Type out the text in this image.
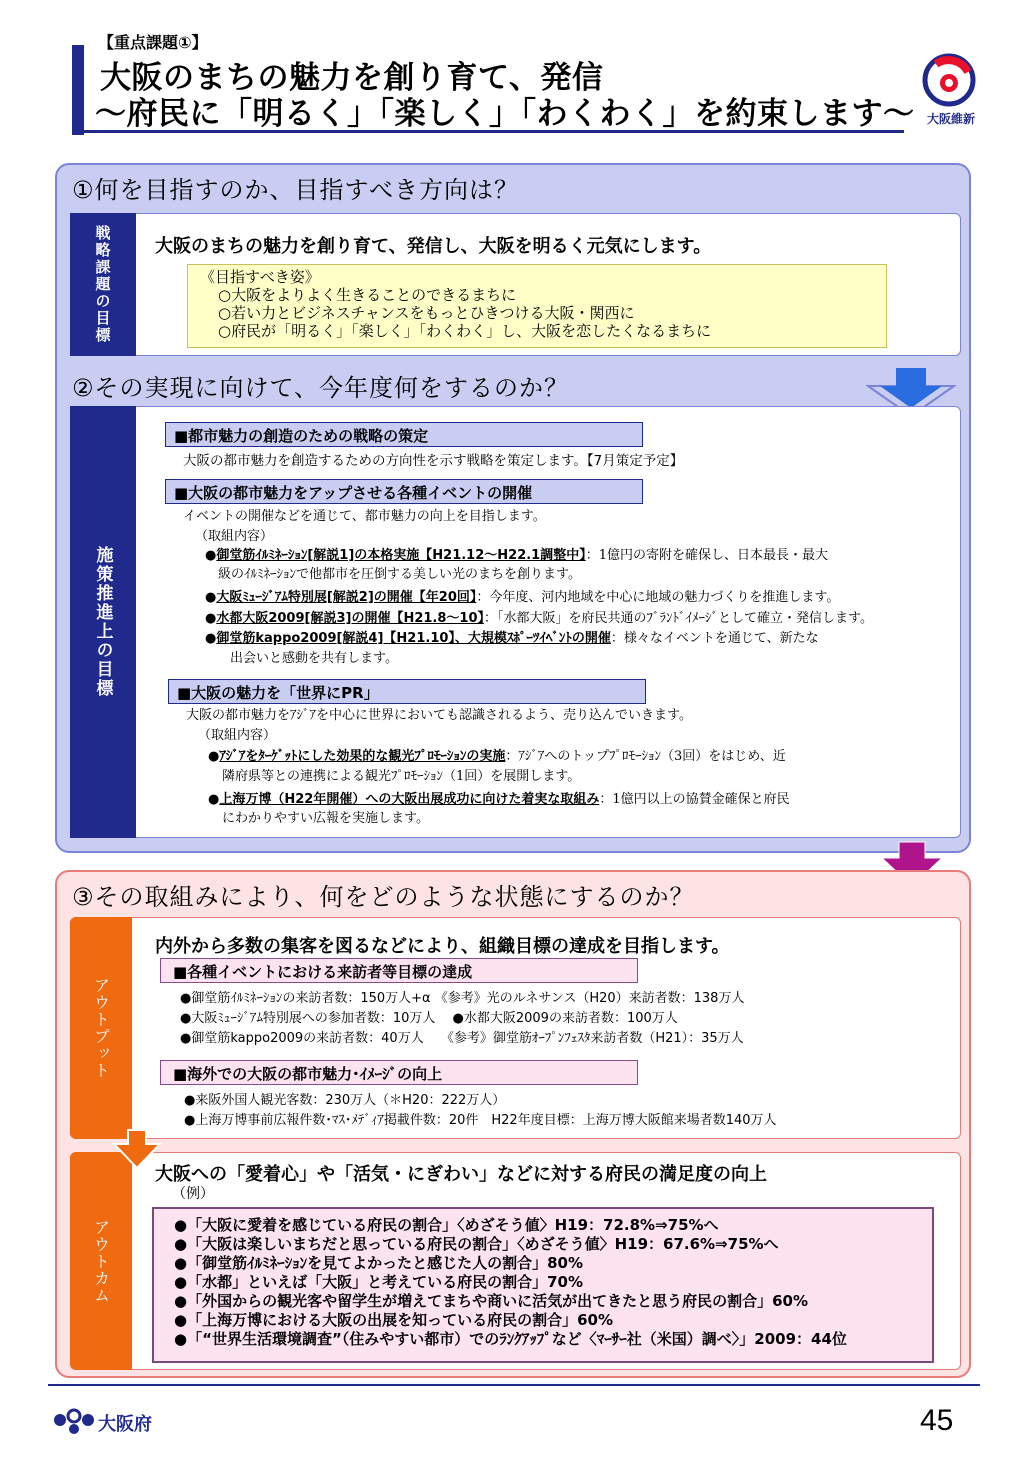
【重点課題①】
大阪のまちの魅力を創り育て、発信
～府民に「明るく」「楽しく」「わくわく」を約束します～	大阪維新
①何を目指すのか、目指すべき方向は？
戦略課題の目標	大阪のまちの魅力を創り育て、発信し、大阪を明るく元気にします。
《目指すべき姿》
○大阪をよりよく生きることのできるまちに
○若い力とビジネスチャンスをもっとひきつける大阪・関西に
○府民が「明るく」「楽しく」「わくわく」し、大阪を恋したくなるまちに
②その実現に向けて、今年度何をするのか？
施策推進上の目標
■都市魅力の創造のための戦略の策定
大阪の都市魅力を創造するための方向性を示す戦略を策定します。【7月策定予定】
■大阪の都市魅力をアップさせる各種イベントの開催
イベントの開催などを通じて、都市魅力の向上を目指します。
（取組内容）
●御堂筋ｲﾙﾐﾈｰｼｮﾝ[解説1]の本格実施【H21.12～H22.1調整中】：1億円の寄附を確保し、日本最長・最大
級のｲﾙﾐﾈｰｼｮﾝで他都市を圧倒する美しい光のまちを創ります。
●大阪ﾐｭｰｼﾞｱﾑ特別展[解説2]の開催【年20回】：今年度、河内地域を中心に地域の魅力づくりを推進します。
●水都大阪2009[解説3]の開催【H21.8～10】：「水都大阪」を府民共通のﾌﾞﾗﾝﾄﾞｲﾒｰｼﾞとして確立・発信します。
●御堂筋kappo2009[解説4]【H21.10】、大規模ｽﾎﾟｰﾂｲﾍﾞﾝﾄの開催：様々なイベントを通じて、新たな
出会いと感動を共有します。
■大阪の魅力を「世界にPR」
大阪の都市魅力をｱｼﾞｱを中心に世界においても認識されるよう、売り込んでいきます。
（取組内容）
●ｱｼﾞｱをﾀｰｹﾞｯﾄにした効果的な観光ﾌﾟﾛﾓｰｼｮﾝの実施：ｱｼﾞｱへのトップﾌﾟﾛﾓｰｼｮﾝ（3回）をはじめ、近
隣府県等との連携による観光ﾌﾟﾛﾓｰｼｮﾝ（1回）を展開します。
●上海万博（H22年開催）への大阪出展成功に向けた着実な取組み：1億円以上の協賛金確保と府民
にわかりやすい広報を実施します。
③その取組みにより、何をどのような状態にするのか？
アウトプット
内外から多数の集客を図るなどにより、組織目標の達成を目指します。
■各種イベントにおける来訪者等目標の達成
●御堂筋ｲﾙﾐﾈｰｼｮﾝの来訪者数：150万人+α 《参考》光のルネサンス（H20）来訪者数：138万人
●大阪ﾐｭｰｼﾞｱﾑ特別展への参加者数：10万人　 ●水都大阪2009の来訪者数：100万人
●御堂筋kappo2009の来訪者数：40万人　 《参考》御堂筋ｵｰﾌﾟﾝﾌｪｽﾀ来訪者数（H21）：35万人
■海外での大阪の都市魅力･ｲﾒｰｼﾞの向上
●来阪外国人観光客数：230万人（＊H20：222万人）
●上海万博事前広報件数･ﾏｽ･ﾒﾃﾞｨｱ掲載件数：20件　H22年度目標：上海万博大阪館来場者数140万人
アウトカム
大阪への「愛着心」や「活気・にぎわい」などに対する府民の満足度の向上
（例）
●「大阪に愛着を感じている府民の割合」〈めざそう値〉H19：72.8%⇒75%へ
●「大阪は楽しいまちだと思っている府民の割合」〈めざそう値〉H19：67.6%⇒75%へ
●「御堂筋ｲﾙﾐﾈｰｼｮﾝを見てよかったと感じた人の割合」80%
●「水都」といえば「大阪」と考えている府民の割合」70%
●「外国からの観光客や留学生が増えてまちや商いに活気が出てきたと思う府民の割合」60%
●「上海万博における大阪の出展を知っている府民の割合」60%
●「“世界生活環境調査”（住みやすい都市）でのﾗﾝｸｱｯﾌﾟなど〈ﾏｰｻｰ社（米国）調べ〉」2009：44位
大阪府	45
